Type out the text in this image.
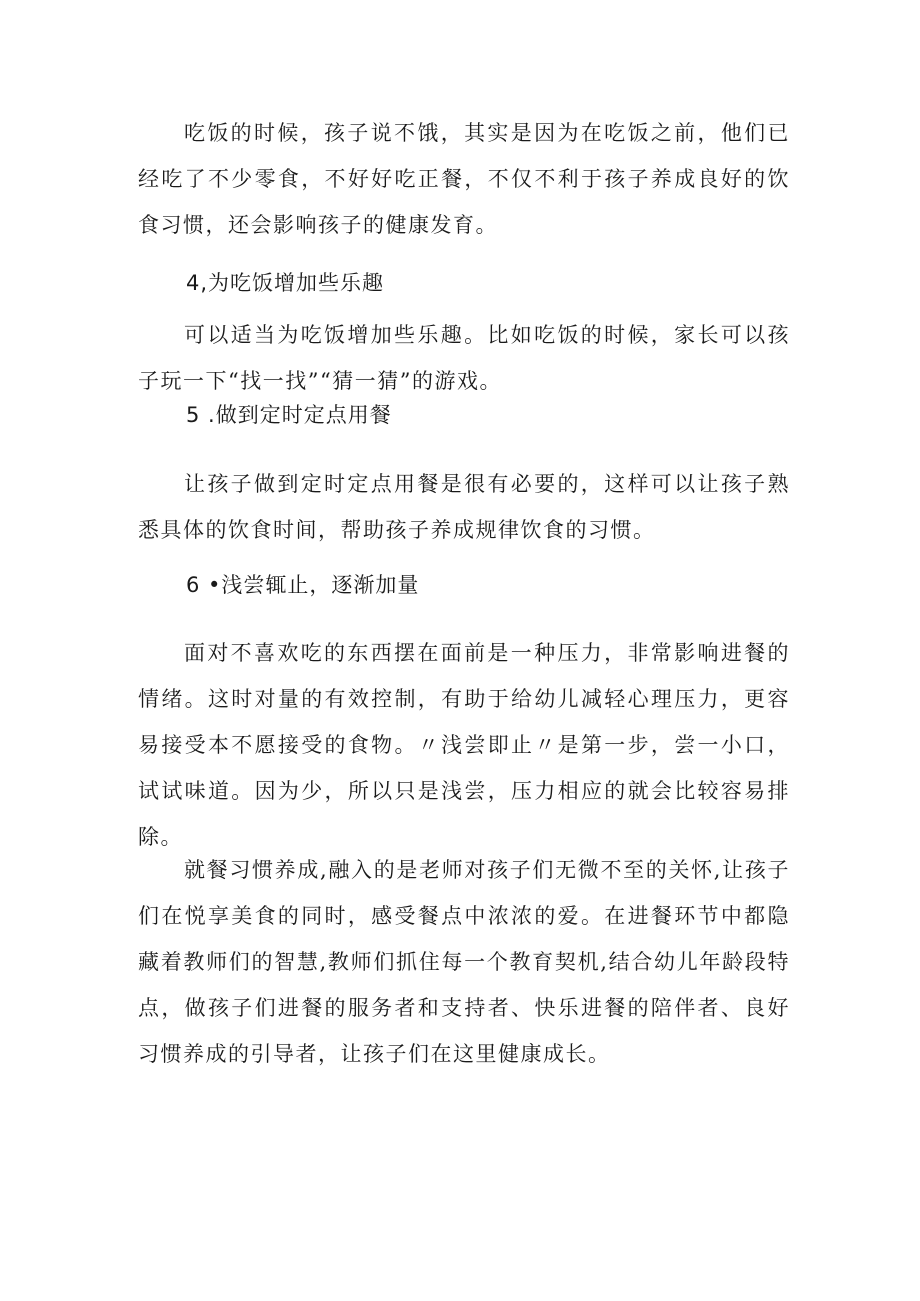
吃饭的时候，孩子说不饿，其实是因为在吃饭之前，他们已经吃了不少零食，不好好吃正餐，不仅不利于孩子养成良好的饮食习惯，还会影响孩子的健康发育。

4,为吃饭增加些乐趣

可以适当为吃饭增加些乐趣。比如吃饭的时候，家长可以孩子玩一下“找一找”“猜一猜”的游戏。

5 .做到定时定点用餐

让孩子做到定时定点用餐是很有必要的，这样可以让孩子熟悉具体的饮食时间，帮助孩子养成规律饮食的习惯。

6 •浅尝辄止，逐渐加量

面对不喜欢吃的东西摆在面前是一种压力，非常影响进餐的情绪。这时对量的有效控制，有助于给幼儿减轻心理压力，更容易接受本不愿接受的食物。〃浅尝即止〃是第一步，尝一小口，试试味道。因为少，所以只是浅尝，压力相应的就会比较容易排除。

就餐习惯养成,融入的是老师对孩子们无微不至的关怀,让孩子们在悦享美食的同时，感受餐点中浓浓的爱。在进餐环节中都隐藏着教师们的智慧,教师们抓住每一个教育契机,结合幼儿年龄段特点，做孩子们进餐的服务者和支持者、快乐进餐的陪伴者、良好习惯养成的引导者，让孩子们在这里健康成长。
